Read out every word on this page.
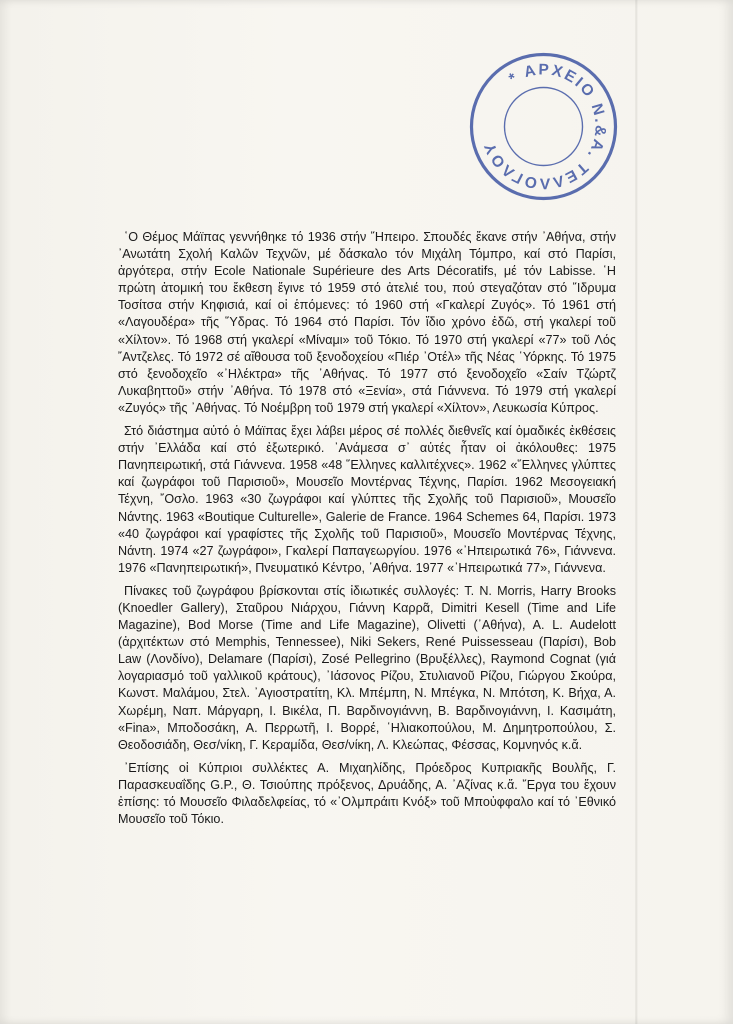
* ΑΡΧΕΙΟ Ν.&Α. ΤΕΛΛΟΓΛΟΥ

῾Ο Θέμος Μάϊπας γεννήθηκε τό 1936 στήν ῞Ηπειρο. Σπουδές ἔκανε στήν ᾿Αθήνα, στήν ᾿Ανωτάτη Σχολή Καλῶν Τεχνῶν, μέ δάσκαλο τόν Μιχάλη Τόμπρο, καί στό Παρίσι, ἀργότερα, στήν Ecole Nationale Supérieure des Arts Décoratifs, μέ τόν Labisse. ῾Η πρώτη ἀτομική του ἔκθεση ἔγινε τό 1959 στό ἀτελιέ του, πού στεγαζόταν στό ῞Ιδρυμα Τοσίτσα στήν Κηφισιά, καί οἱ ἑπόμενες: τό 1960 στή «Γκαλερί Ζυγός». Τό 1961 στή «Λαγουδέρα» τῆς ῞Υδρας. Τό 1964 στό Παρίσι. Τόν ἴδιο χρόνο ἐδῶ, στή γκαλερί τοῦ «Χίλτον». Τό 1968 στή γκαλερί «Μίναμι» τοῦ Τόκιο. Τό 1970 στή γκαλερί «77» τοῦ Λός ῎Αντζελες. Τό 1972 σέ αἴθουσα τοῦ ξενοδοχείου «Πιέρ ᾿Οτέλ» τῆς Νέας ῾Υόρκης. Τό 1975 στό ξενοδοχεῖο «᾿Ηλέκτρα» τῆς ᾿Αθήνας. Τό 1977 στό ξενοδοχεῖο «Σαίν Τζώρτζ Λυκαβηττοῦ» στήν ᾿Αθήνα. Τό 1978 στό «Ξενία», στά Γιάννενα. Τό 1979 στή γκαλερί «Ζυγός» τῆς ᾿Αθήνας. Τό Νοέμβρη τοῦ 1979 στή γκαλερί «Χίλτον», Λευκωσία Κύπρος.

Στό διάστημα αὐτό ὁ Μάϊπας ἔχει λάβει μέρος σέ πολλές διεθνεῖς καί ὁμαδικές ἐκθέσεις στήν ᾿Ελλάδα καί στό ἐξωτερικό. ᾿Ανάμεσα σ᾿ αὐτές ἦταν οἱ ἀκόλουθες: 1975 Πανηπειρωτική, στά Γιάννενα. 1958 «48 ῞Ελληνες καλλιτέχνες». 1962 «῞Ελληνες γλύπτες καί ζωγράφοι τοῦ Παρισιοῦ», Μουσεῖο Μοντέρνας Τέχνης, Παρίσι. 1962 Μεσογειακή Τέχνη, ῎Οσλο. 1963 «30 ζωγράφοι καί γλύπτες τῆς Σχολῆς τοῦ Παρισιοῦ», Μουσεῖο Νάντης. 1963 «Boutique Culturelle», Galerie de France. 1964 Schemes 64, Παρίσι. 1973 «40 ζωγράφοι καί γραφίστες τῆς Σχολῆς τοῦ Παρισιοῦ», Μουσεῖο Μοντέρνας Τέχνης, Νάντη. 1974 «27 ζωγράφοι», Γκαλερί Παπαγεωργίου. 1976 «᾿Ηπειρωτικά 76», Γιάννενα. 1976 «Πανηπειρωτική», Πνευματικό Κέντρο, ᾿Αθήνα. 1977 «᾿Ηπειρωτικά 77», Γιάννενα.

Πίνακες τοῦ ζωγράφου βρίσκονται στίς ἰδιωτικές συλλογές: T. N. Morris, Harry Brooks (Knoedler Gallery), Σταῦρου Νιάρχου, Γιάννη Καρρᾶ, Dimitri Kesell (Time and Life Magazine), Bod Morse (Time and Life Magazine), Olivetti (᾿Αθήνα), A. L. Audelott (ἀρχιτέκτων στό Memphis, Tennessee), Niki Sekers, René Puissesseau (Παρίσι), Bob Law (Λονδίνο), Delamare (Παρίσι), Zosé Pellegrino (Βρυξέλλες), Raymond Cognat (γιά λογαριασμό τοῦ γαλλικοῦ κράτους), ᾿Ιάσονος Ρίζου, Στυλιανοῦ Ρίζου, Γιώργου Σκούρα, Κωνστ. Μαλάμου, Στελ. ᾿Αγιοστρατίτη, Κλ. Μπέμπη, Ν. Μπέγκα, Ν. Μπότση, Κ. Βήχα, Α. Χωρέμη, Ναπ. Μάργαρη, Ι. Βικέλα, Π. Βαρδινογιάννη, Β. Βαρδινογιάννη, Ι. Κασιμάτη, «Fina», Μποδοσάκη, Α. Περρωτῆ, Ι. Βορρέ, ῾Ηλιακοπούλου, Μ. Δημητροπούλου, Σ. Θεοδοσιάδη, Θεσ/νίκη, Γ. Κεραμίδα, Θεσ/νίκη, Λ. Κλεώπας, Φέσσας, Κομνηνός κ.ἄ.

᾿Επίσης οἱ Κύπριοι συλλέκτες Α. Μιχαηλίδης, Πρόεδρος Κυπριακῆς Βουλῆς, Γ. Παρασκευαΐδης G.P., Θ. Τσιούπης πρόξενος, Δρυάδης, Α. ᾿Αζίνας κ.ἄ. ῎Εργα του ἔχουν ἐπίσης: τό Μουσεῖο Φιλαδελφείας, τό «᾿Ολμπράιτι Κνόξ» τοῦ Μποὐφφαλο καί τό ᾿Εθνικό Μουσεῖο τοῦ Τόκιο.
